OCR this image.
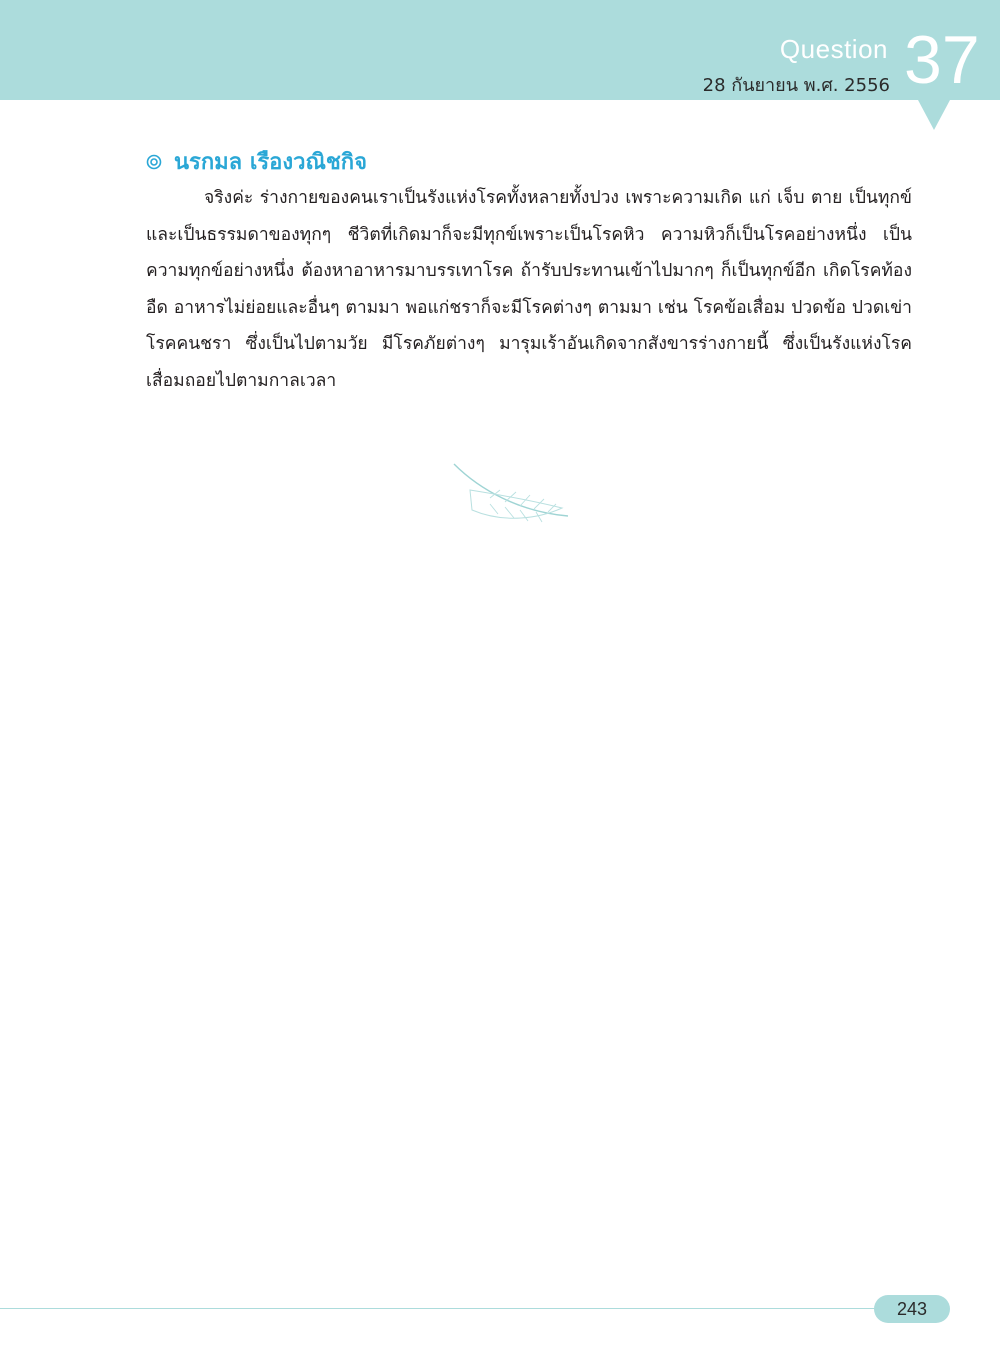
Question
28 กันยายน พ.ศ. 2556 37
นรกมล เรืองวณิชกิจ

จริงค่ะ ร่างกายของคนเราเป็นรังแห่งโรคทั้งหลายทั้งปวง เพราะความเกิด แก่ เจ็บ ตาย เป็นทุกข์ และเป็นธรรมดาของทุกๆ ชีวิตที่เกิดมาก็จะมีทุกข์เพราะเป็นโรคหิว ความหิวก็เป็นโรคอย่างหนึ่ง เป็นความทุกข์อย่างหนึ่ง ต้องหาอาหารมาบรรเทาโรค ถ้ารับประทานเข้าไปมากๆ ก็เป็นทุกข์อีก เกิดโรคท้องอืด อาหารไม่ย่อยและอื่นๆ ตามมา พอแก่ชราก็จะมีโรคต่างๆ ตามมา เช่น โรคข้อเสื่อม ปวดข้อ ปวดเข่า โรคคนชรา ซึ่งเป็นไปตามวัย มีโรคภัยต่างๆ มารุมเร้าอันเกิดจากสังขารร่างกายนี้ ซึ่งเป็นรังแห่งโรค เสื่อมถอยไปตามกาลเวลา

243
